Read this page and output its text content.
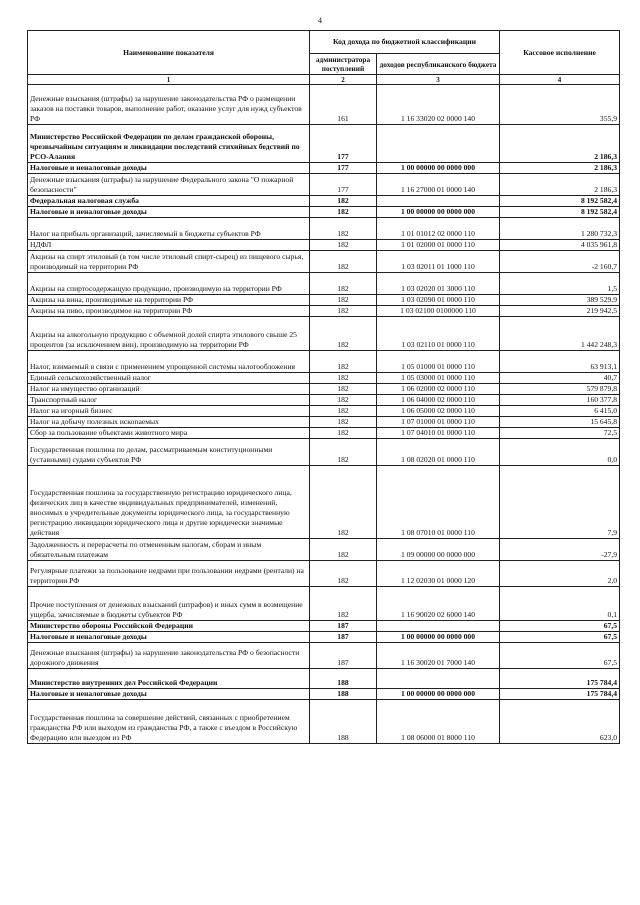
4
Наименование показателя	Код дохода по бюджетной классификации		Кассовое исполнение
	администратора поступлений	доходов республиканского бюджета	
1	2	3	4
Денежные взыскания (штрафы) за нарушение законодательства РФ о размещении заказов на поставки товаров, выполнение работ, оказание услуг для нужд субъектов РФ	161	1 16 33020 02 0000 140	355,9
Министерство Российской Федерации по делам гражданской обороны, чрезвычайным ситуациям и ликвидации последствий стихийных бедствий по РСО-Алания	177		2 186,3
Налоговые и неналоговые доходы	177	1 00 00000 00 0000 000	2 186,3
Денежные взыскания (штрафы) за нарушение Федерального закона "О пожарной безопасности"	177	1 16 27000 01 0000 140	2 186,3
Федеральная налоговая служба	182		8 192 582,4
Налоговые и неналоговые доходы	182	1 00 00000 00 0000 000	8 192 582,4
Налог на прибыль организаций, зачисляемый в бюджеты субъектов РФ	182	1 01 01012 02 0000 110	1 280 732,3
НДФЛ	182	1 01 02000 01 0000 110	4 035 961,8
Акцизы на спирт этиловый (в том числе этиловый спирт-сырец) из пищевого сырья, производимый на территории РФ	182	1 03 02011 01 1000 110	-2 160,7
Акцизы на спиртосодержащую продукцию, производимую на территории РФ	182	1 03 02020 01 3000 110	1,5
Акцизы на вина, производимые на территории РФ	182	1 03 02090 01 0000 110	389 529,9
Акцизы на пиво, производимое на территории РФ	182	1 03 02100 0100000 110	219 942,5
Акцизы на алкогольную продукцию с объемной долей спирта этилового свыше 25 процентов (за исключением вин), производимую на территории РФ	182	1 03 02110 01 0000 110	1 442 248,3
Налог, взимаемый в связи с применением упрощенной системы налогообложения	182	1 05 01000 01 0000 110	63 913,1
Единый сельскохозяйственный налог	182	1 05 03000 01 0000 110	40,7
Налог на имущество организаций	182	1 06 02000 02 0000 110	579 879,8
Транспортный налог	182	1 06 04000 02 0000 110	160 377,8
Налог на игорный бизнес	182	1 06 05000 02 0000 110	6 415,0
Налог на добычу полезных ископаемых	182	1 07 01000 01 0000 110	15 645,8
Сбор за пользование объектами животного мира	182	1 07 04010 01 0000 110	72,5
Государственная пошлина по делам, рассматриваемым конституционными (уставными) судами субъектов РФ	182	1 08 02020 01 0000 110	0,0
Государственная пошлина за государственную регистрацию юридического лица, физических лиц в качестве индивидуальных предпринимателей, изменений, вносимых в учредительные документы юридического лица, за государственную регистрацию ликвидации юридического лица и другие юридически значимые действия	182	1 08 07010 01 0000 110	7,9
Задолженность и перерасчеты по отмененным налогам, сборам и иным обязательным платежам	182	1 09 00000 00 0000 000	-27,9
Регулярные платежи за пользование недрами при пользовании недрами (рентали) на территории РФ	182	1 12 02030 01 0000 120	2,0
Прочие поступления от денежных взысканий (штрафов) и иных сумм в возмещение ущерба, зачисляемые в бюджеты субъектов РФ	182	1 16 90020 02 6000 140	0,1
Министерство обороны Российской Федерации	187		67,5
Налоговые и неналоговые доходы	187	1 00 00000 00 0000 000	67,5
Денежные взыскания (штрафы) за нарушение законодательства РФ о безопасности дорожного движения	187	1 16 30020 01 7000 140	67,5
Министерство внутренних дел Российской Федерации	188		175 784,4
Налоговые и неналоговые доходы	188	1 00 00000 00 0000 000	175 784,4
Государственная пошлина за совершение действий, связанных с приобретением гражданства РФ или выходом из гражданства РФ, а также с въездом в Российскую Федерацию или выездом из РФ	188	1 08 06000 01 8000 110	623,0
